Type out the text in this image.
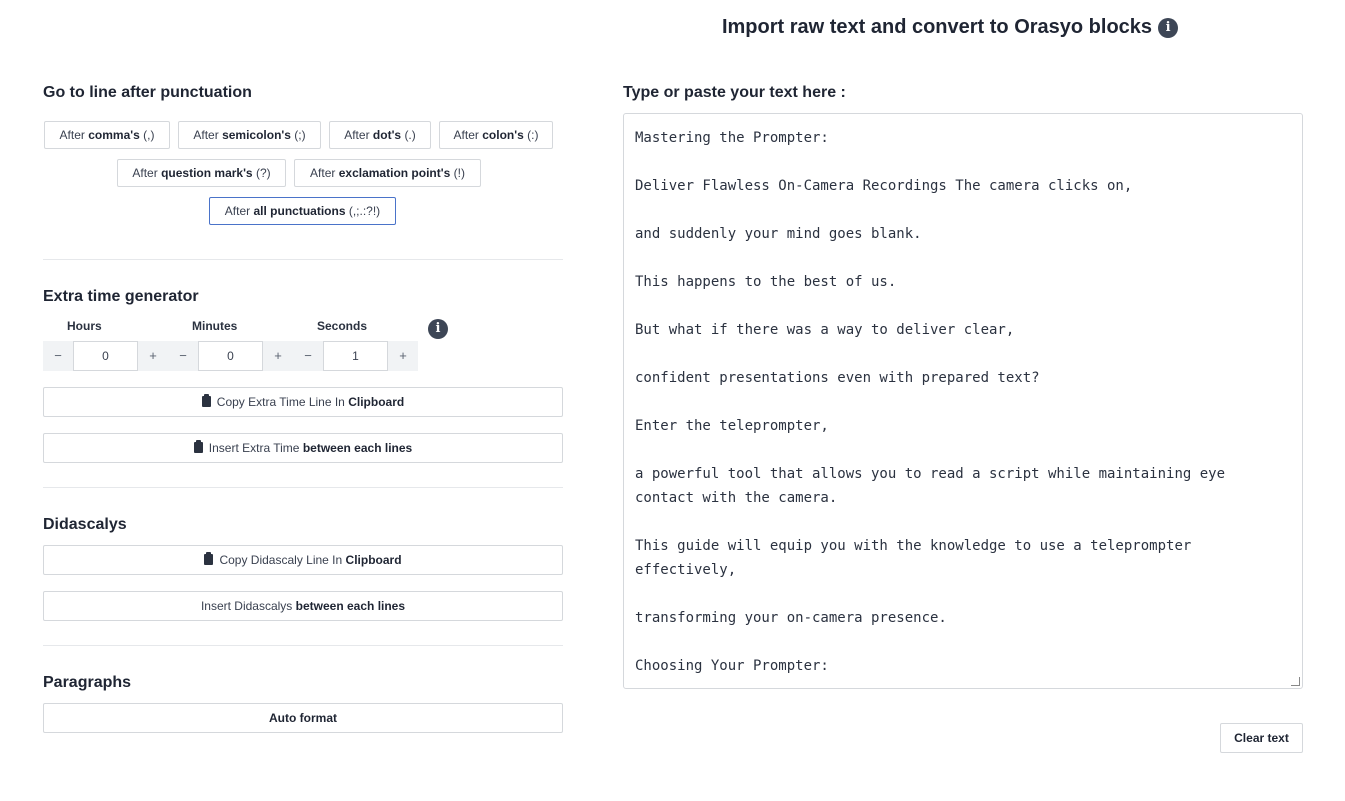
Import raw text and convert to Orasyo blocks i
Go to line after punctuation
After comma's (,)	After semicolon's (;)	After dot's (.)	After colon's (:)
After question mark's (?)	After exclamation point's (!)
After all punctuations (,;.:?!)
Extra time generator
Hours	Minutes	Seconds	i
−	0	+	−	0	+	−	1	+
Copy Extra Time Line In Clipboard
Insert Extra Time between each lines
Didascalys
Copy Didascaly Line In Clipboard
Insert Didascalys between each lines
Paragraphs
Auto format
Type or paste your text here :
Mastering the Prompter:

Deliver Flawless On-Camera Recordings The camera clicks on,

and suddenly your mind goes blank.

This happens to the best of us.

But what if there was a way to deliver clear,

confident presentations even with prepared text?

Enter the teleprompter,

a powerful tool that allows you to read a script while maintaining eye contact with the camera.

This guide will equip you with the knowledge to use a teleprompter effectively,

transforming your on-camera presence.

Choosing Your Prompter:
Clear text
